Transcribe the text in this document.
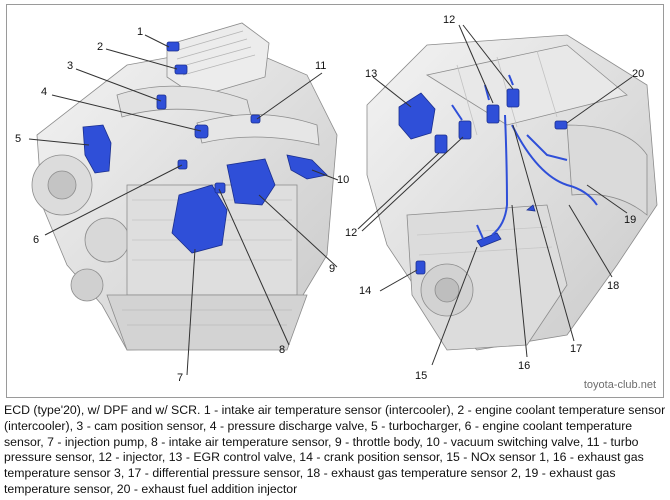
1
2
3
4
5
6
7
8
9
10
11
12
12
13
14
15
16
17
18
19
20
toyota-club.net
ECD (type'20), w/ DPF and w/ SCR. 1 - intake air temperature sensor (intercooler), 2 - engine coolant temperature sensor (intercooler), 3 - cam position sensor, 4 - pressure discharge valve, 5 - turbocharger, 6 - engine coolant temperature sensor, 7 - injection pump, 8 - intake air temperature sensor, 9 - throttle body, 10 - vacuum switching valve, 11 - turbo pressure sensor, 12 - injector, 13 - EGR control valve, 14 - crank position sensor, 15 - NOx sensor 1, 16 - exhaust gas temperature sensor 3, 17 - differential pressure sensor, 18 - exhaust gas temperature sensor 2, 19 - exhaust gas temperature sensor, 20 - exhaust fuel addition injector
